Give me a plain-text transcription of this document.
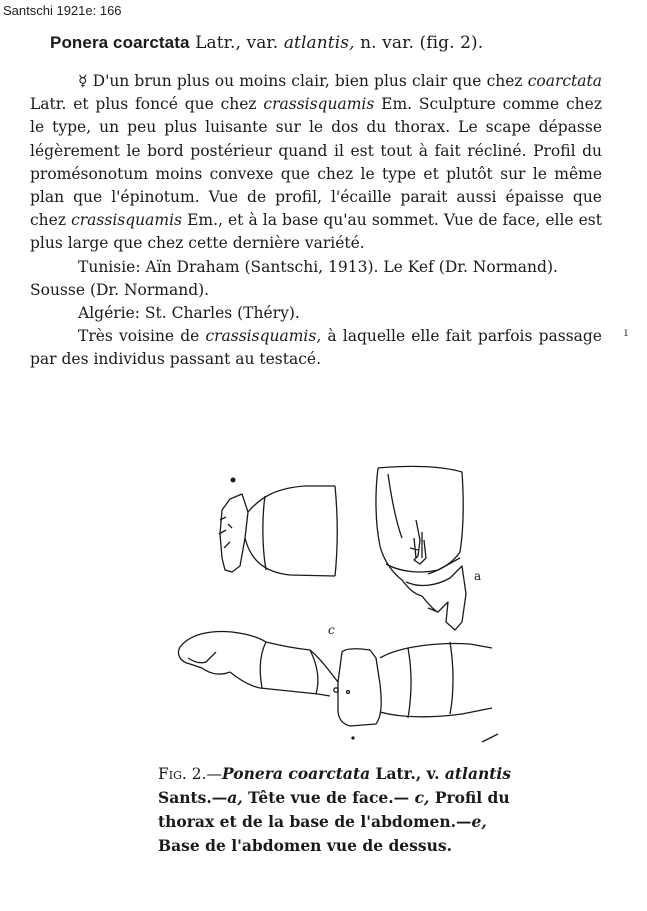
Santschi 1921e: 166
Ponera coarctata Latr., var. atlantis, n. var. (fig. 2).

☿ D'un brun plus ou moins clair, bien plus clair que chez coarctata Latr. et plus foncé que chez crassisquamis Em. Sculpture comme chez le type, un peu plus luisante sur le dos du thorax. Le scape dépasse légèrement le bord postérieur quand il est tout à fait récliné. Profil du promésonotum moins convexe que chez le type et plutôt sur le même plan que l'épinotum. Vue de profil, l'écaille parait aussi épaisse que chez crassisquamis Em., et à la base qu'au sommet. Vue de face, elle est plus large que chez cette dernière variété.

Tunisie: Aïn Draham (Santschi, 1913). Le Kef (Dr. Normand).

Sousse (Dr. Normand).

Algérie: St. Charles (Théry).

Très voisine de crassisquamis, à laquelle elle fait parfois passage par des individus passant au testacé.

ı
a
c
Fig. 2.—Ponera coarctata Latr., v. atlantis Sants.—a, Tête vue de face.— c, Profil du thorax et de la base de l'abdomen.—e, Base de l'abdomen vue de dessus.
